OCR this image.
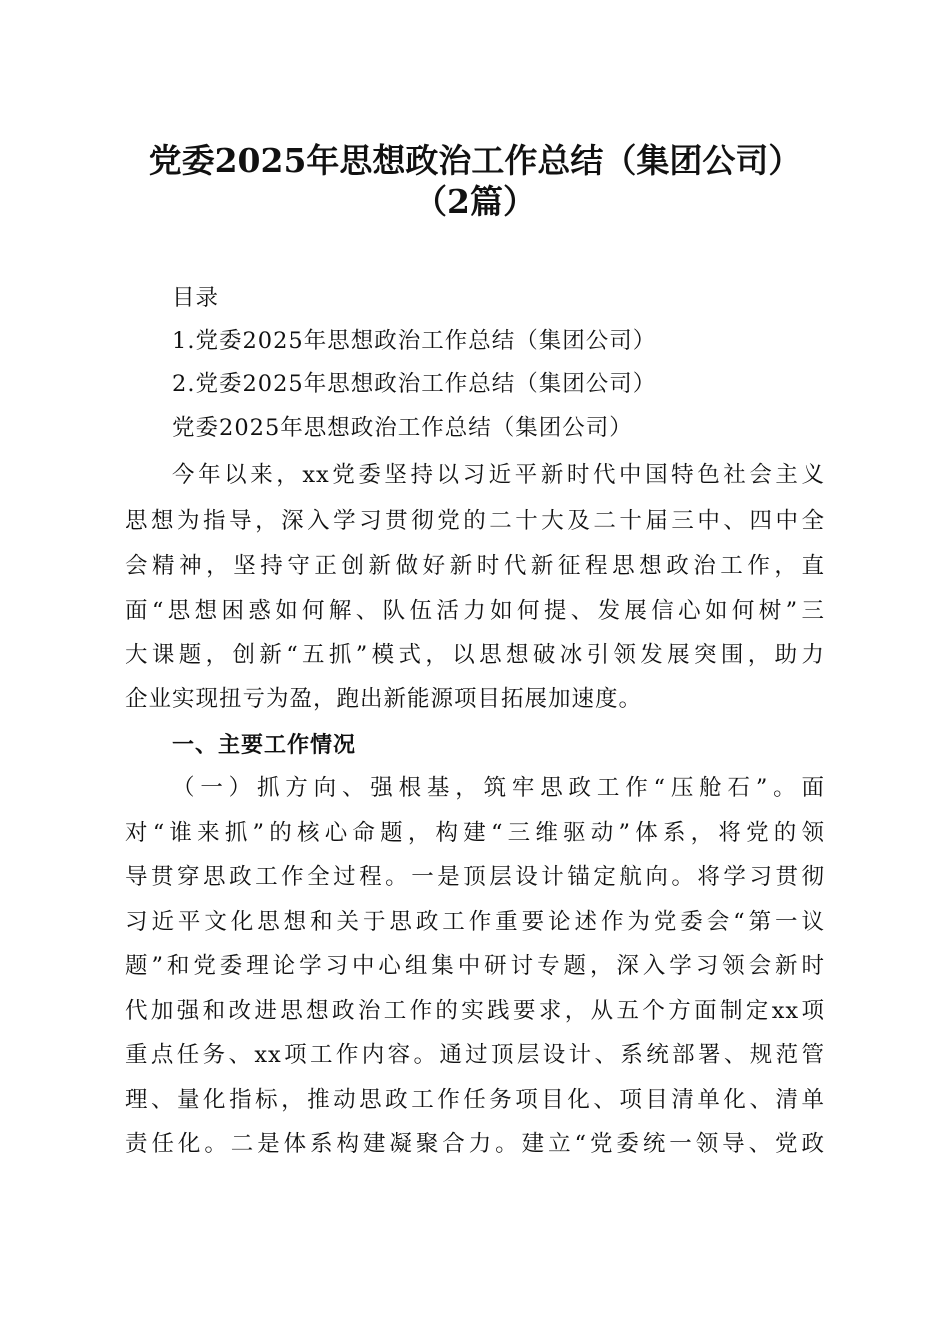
党委2025年思想政治工作总结（集团公司）
（2篇）
目录
1.党委2025年思想政治工作总结（集团公司）
2.党委2025年思想政治工作总结（集团公司）
党委2025年思想政治工作总结（集团公司）
今年以来，xx党委坚持以习近平新时代中国特色社会主义
思想为指导，深入学习贯彻党的二十大及二十届三中、四中全
会精神，坚持守正创新做好新时代新征程思想政治工作，直
面“思想困惑如何解、队伍活力如何提、发展信心如何树”三
大课题，创新“五抓”模式，以思想破冰引领发展突围，助力
企业实现扭亏为盈，跑出新能源项目拓展加速度。
一、主要工作情况
（一）抓方向、强根基，筑牢思政工作“压舱石”。面
对“谁来抓”的核心命题，构建“三维驱动”体系，将党的领
导贯穿思政工作全过程。一是顶层设计锚定航向。将学习贯彻
习近平文化思想和关于思政工作重要论述作为党委会“第一议
题”和党委理论学习中心组集中研讨专题，深入学习领会新时
代加强和改进思想政治工作的实践要求，从五个方面制定xx项
重点任务、xx项工作内容。通过顶层设计、系统部署、规范管
理、量化指标，推动思政工作任务项目化、项目清单化、清单
责任化。二是体系构建凝聚合力。建立“党委统一领导、党政
